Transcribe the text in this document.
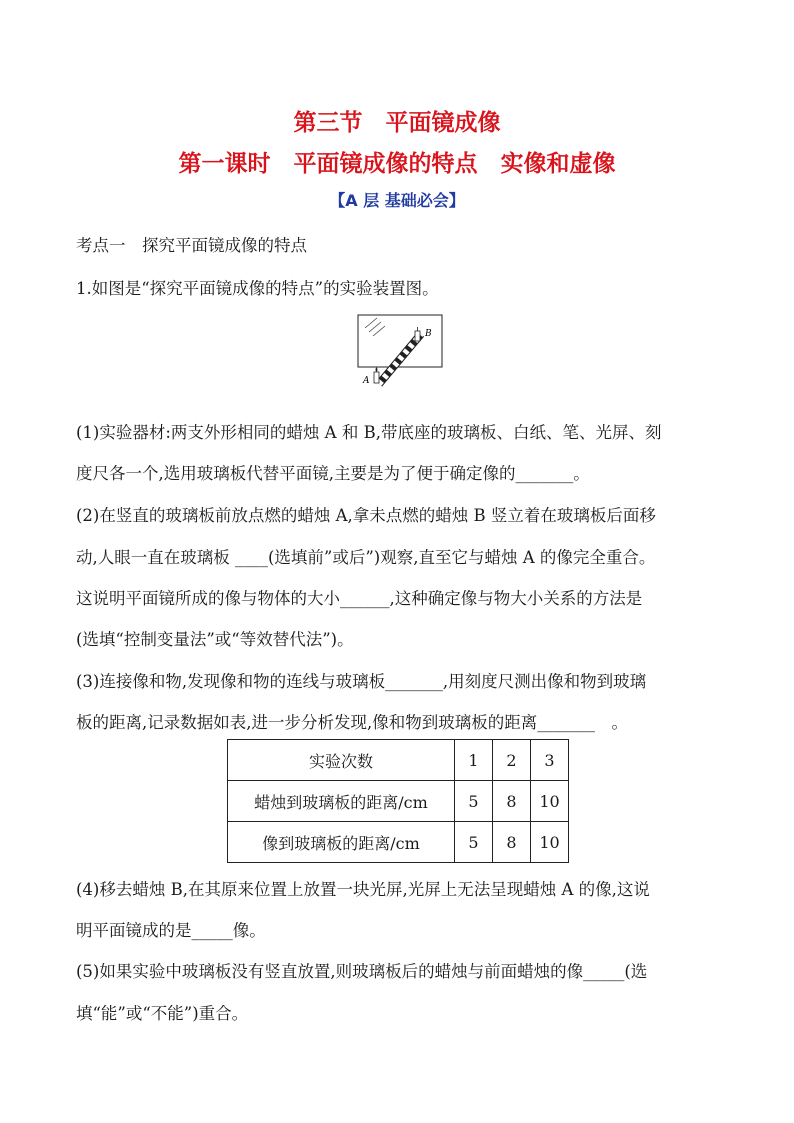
第三节　平面镜成像
第一课时　平面镜成像的特点　实像和虚像
【A 层 基础必会】
考点一　探究平面镜成像的特点
1.如图是“探究平面镜成像的特点”的实验装置图。
A
B
(1)实验器材:两支外形相同的蜡烛 A 和 B,带底座的玻璃板、白纸、笔、光屏、刻
度尺各一个,选用玻璃板代替平面镜,主要是为了便于确定像的_______。
(2)在竖直的玻璃板前放点燃的蜡烛 A,拿未点燃的蜡烛 B 竖立着在玻璃板后面移
动,人眼一直在玻璃板 ____(选填前”或后”)观察,直至它与蜡烛 A 的像完全重合。
这说明平面镜所成的像与物体的大小______,这种确定像与物大小关系的方法是
(选填“控制变量法”或“等效替代法”)。
(3)连接像和物,发现像和物的连线与玻璃板_______,用刻度尺测出像和物到玻璃
板的距离,记录数据如表,进一步分析发现,像和物到玻璃板的距离_______　。
实验次数	1	2	3
蜡烛到玻璃板的距离/cm	5	8	10
像到玻璃板的距离/cm	5	8	10
(4)移去蜡烛 B,在其原来位置上放置一块光屏,光屏上无法呈现蜡烛 A 的像,这说
明平面镜成的是_____像。
(5)如果实验中玻璃板没有竖直放置,则玻璃板后的蜡烛与前面蜡烛的像_____(选
填“能”或“不能”)重合。
